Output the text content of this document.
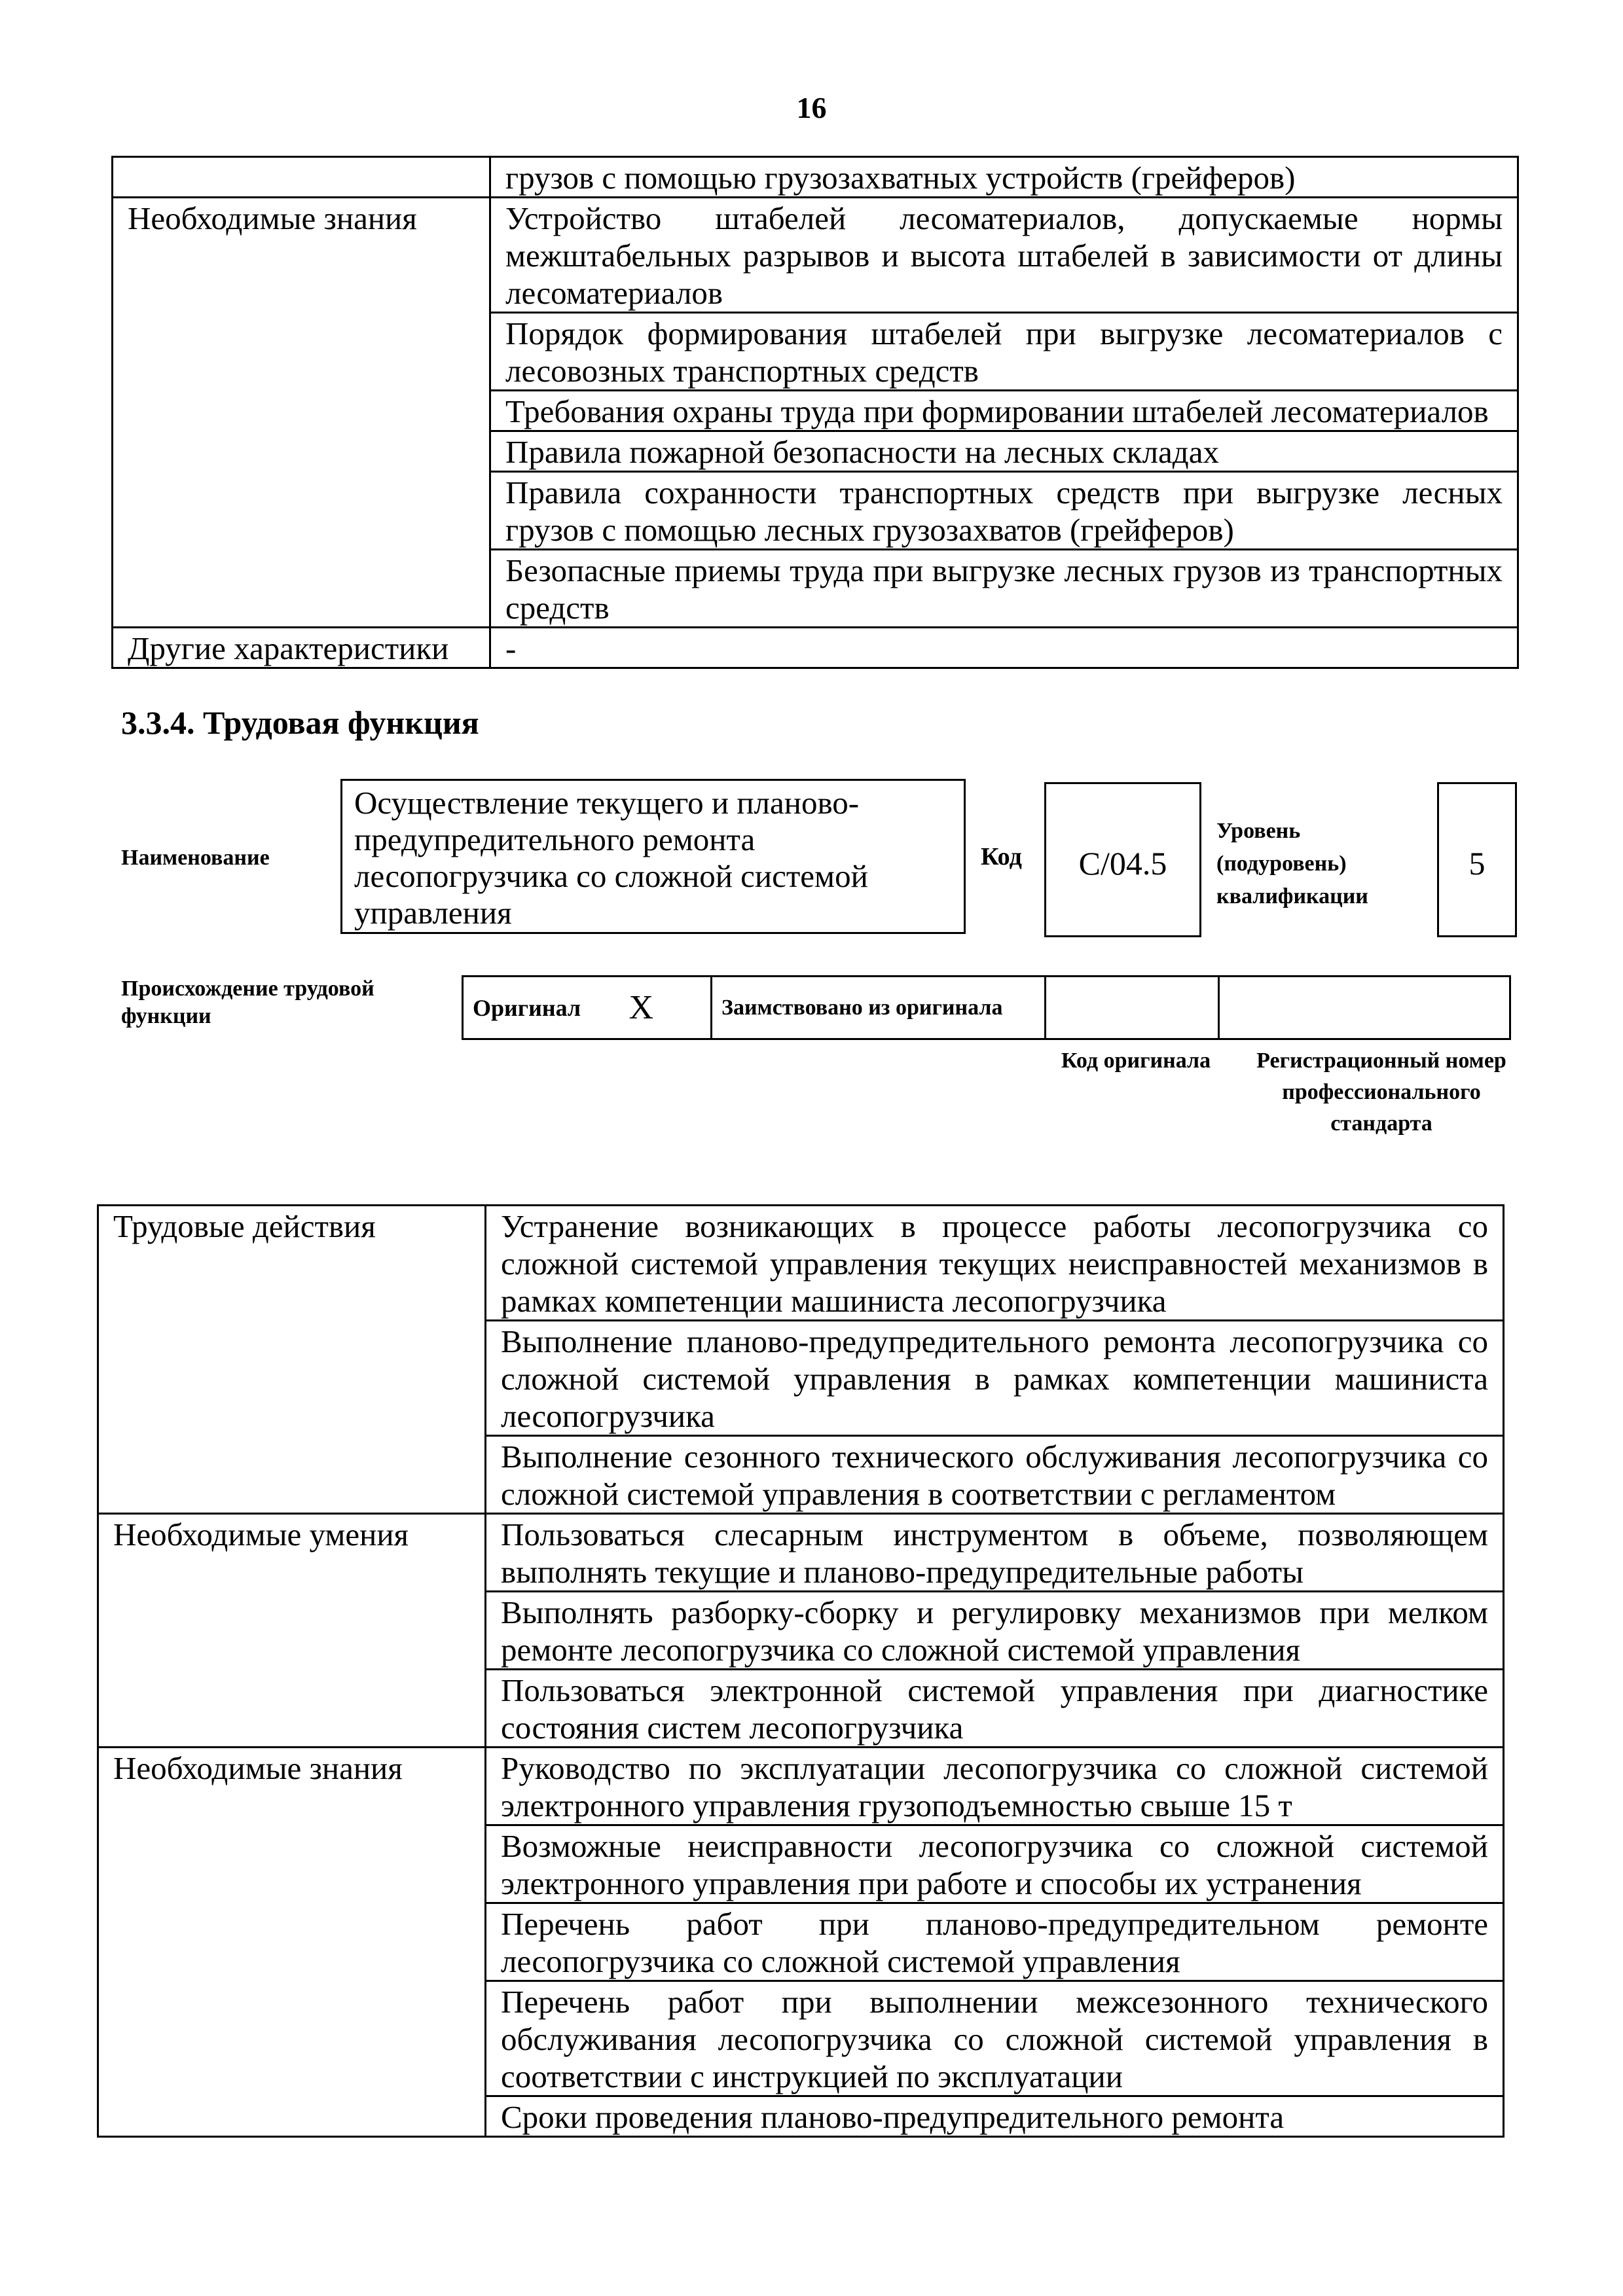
16
	грузов с помощью грузозахватных устройств (грейферов)
Необходимые знания	Устройство штабелей лесоматериалов, допускаемые нормы межштабельных разрывов и высота штабелей в зависимости от длины лесоматериалов
	Порядок формирования штабелей при выгрузке лесоматериалов с лесовозных транспортных средств
	Требования охраны труда при формировании штабелей лесоматериалов
	Правила пожарной безопасности на лесных складах
	Правила сохранности транспортных средств при выгрузке лесных грузов с помощью лесных грузозахватов (грейферов)
	Безопасные приемы труда при выгрузке лесных грузов из транспортных средств
Другие характеристики	-
3.3.4. Трудовая функция
Наименование
Осуществление текущего и планово-предупредительного ремонта лесопогрузчика со сложной системой управления
Код	С/04.5
Уровень (подуровень) квалификации
5
Происхождение трудовой функции	Оригинал	X	Заимствовано из оригинала		
Код оригинала	Регистрационный номер профессионального стандарта
Трудовые действия	Устранение возникающих в процессе работы лесопогрузчика со сложной системой управления текущих неисправностей механизмов в рамках компетенции машиниста лесопогрузчика
	Выполнение планово-предупредительного ремонта лесопогрузчика со сложной системой управления в рамках компетенции машиниста лесопогрузчика
	Выполнение сезонного технического обслуживания лесопогрузчика со сложной системой управления в соответствии с регламентом
Необходимые умения	Пользоваться слесарным инструментом в объеме, позволяющем выполнять текущие и планово-предупредительные работы
	Выполнять разборку-сборку и регулировку механизмов при мелком ремонте лесопогрузчика со сложной системой управления
	Пользоваться электронной системой управления при диагностике состояния систем лесопогрузчика
Необходимые знания	Руководство по эксплуатации лесопогрузчика со сложной системой электронного управления грузоподъемностью свыше 15 т
	Возможные неисправности лесопогрузчика со сложной системой электронного управления при работе и способы их устранения
	Перечень работ при планово-предупредительном ремонте лесопогрузчика со сложной системой управления
	Перечень работ при выполнении межсезонного технического обслуживания лесопогрузчика со сложной системой управления в соответствии с инструкцией по эксплуатации
	Сроки проведения планово-предупредительного ремонта
